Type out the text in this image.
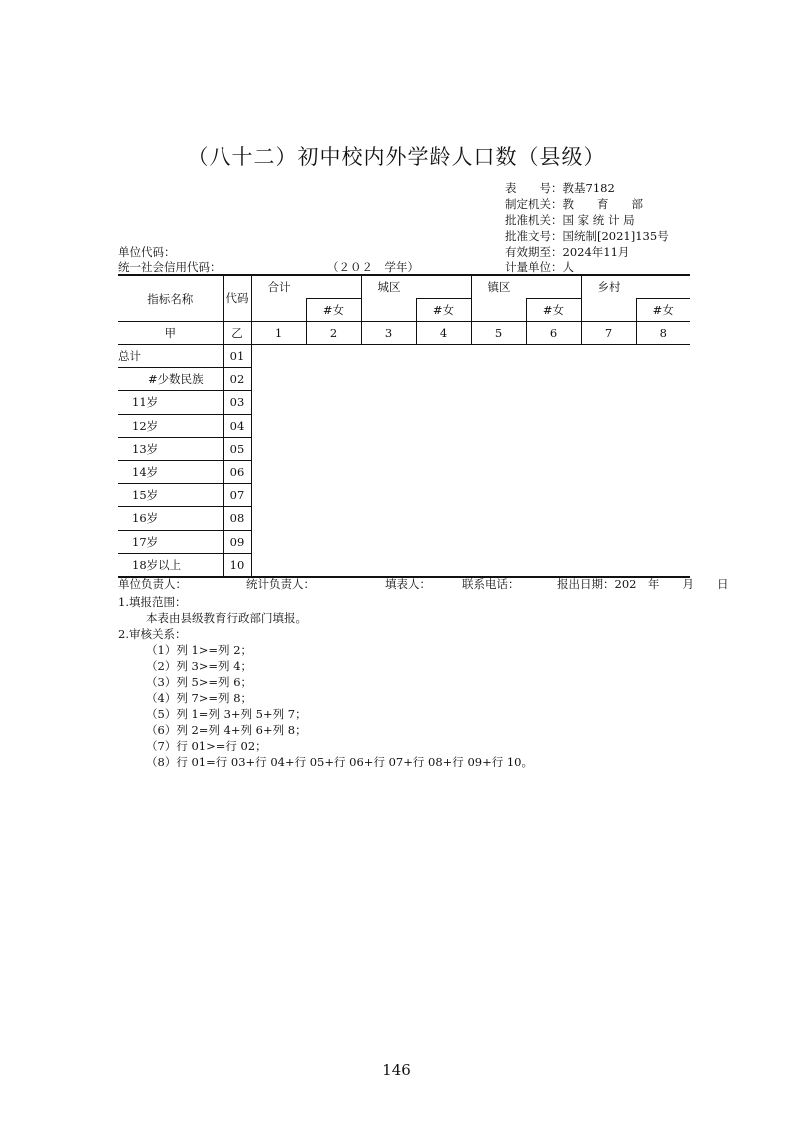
（八十二）初中校内外学龄人口数（县级）
表　　号：教基7182
制定机关：教　　育　　部
批准机关：国 家 统 计 局
批准文号：国统制[2021]135号
有效期至：2024年11月
计量单位：人
单位代码：
统一社会信用代码：	（２０２　学年）
指标名称	代码	合计		城区		镇区		乡村	
			#女		#女		#女		#女
甲	乙	1	2	3	4	5	6	7	8
总计	01								
#少数民族	02								
11岁	03								
12岁	04								
13岁	05								
14岁	06								
15岁	07								
16岁	08								
17岁	09								
18岁以上	10								
单位负责人：	统计负责人：	填表人：	联系电话：	报出日期：202　年　　月　　日
1.填报范围：
本表由县级教育行政部门填报。
2.审核关系：
（1）列 1>=列 2；
（2）列 3>=列 4；
（3）列 5>=列 6；
（4）列 7>=列 8；
（5）列 1=列 3+列 5+列 7；
（6）列 2=列 4+列 6+列 8；
（7）行 01>=行 02；
（8）行 01=行 03+行 04+行 05+行 06+行 07+行 08+行 09+行 10。
146
